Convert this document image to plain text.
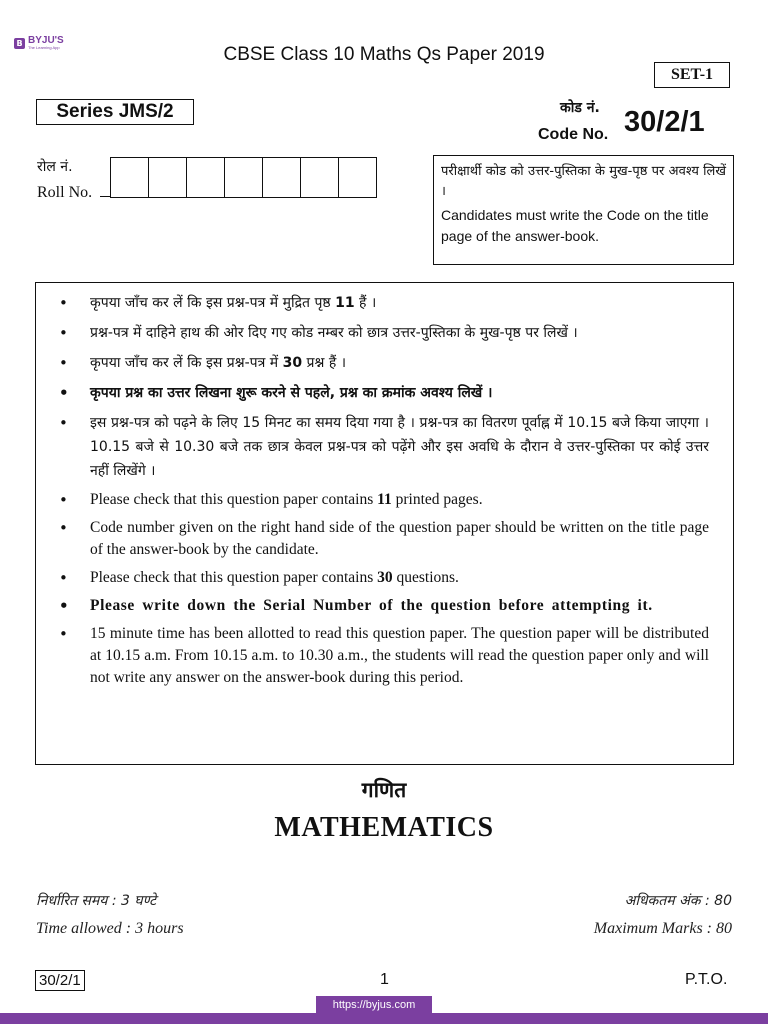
B BYJU'S
The Learning App	CBSE Class 10 Maths Qs Paper 2019
SET-1
Series JMS/2	कोड नं.
Code No. 30/2/1
रोल नं.
Roll No.
परीक्षार्थी कोड को उत्तर-पुस्तिका के मुख-पृष्ठ पर अवश्य लिखें ।
Candidates must write the Code on the title page of the answer-book.
• कृपया जाँच कर लें कि इस प्रश्न-पत्र में मुद्रित पृष्ठ 11 हैं ।
• प्रश्न-पत्र में दाहिने हाथ की ओर दिए गए कोड नम्बर को छात्र उत्तर-पुस्तिका के मुख-पृष्ठ पर लिखें ।
• कृपया जाँच कर लें कि इस प्रश्न-पत्र में 30 प्रश्न हैं ।
• कृपया प्रश्न का उत्तर लिखना शुरू करने से पहले, प्रश्न का क्रमांक अवश्य लिखें ।
• इस प्रश्न-पत्र को पढ़ने के लिए 15 मिनट का समय दिया गया है । प्रश्न-पत्र का वितरण पूर्वाह्न में 10.15 बजे किया जाएगा । 10.15 बजे से 10.30 बजे तक छात्र केवल प्रश्न-पत्र को पढ़ेंगे और इस अवधि के दौरान वे उत्तर-पुस्तिका पर कोई उत्तर नहीं लिखेंगे ।
• Please check that this question paper contains 11 printed pages.
• Code number given on the right hand side of the question paper should be written on the title page of the answer-book by the candidate.
• Please check that this question paper contains 30 questions.
• Please write down the Serial Number of the question before attempting it.
• 15 minute time has been allotted to read this question paper. The question paper will be distributed at 10.15 a.m. From 10.15 a.m. to 10.30 a.m., the students will read the question paper only and will not write any answer on the answer-book during this period.
गणित
MATHEMATICS
निर्धारित समय : 3 घण्टे
Time allowed : 3 hours
अधिकतम अंक : 80
Maximum Marks : 80
30/2/1	1	P.T.O.
https://byjus.com
